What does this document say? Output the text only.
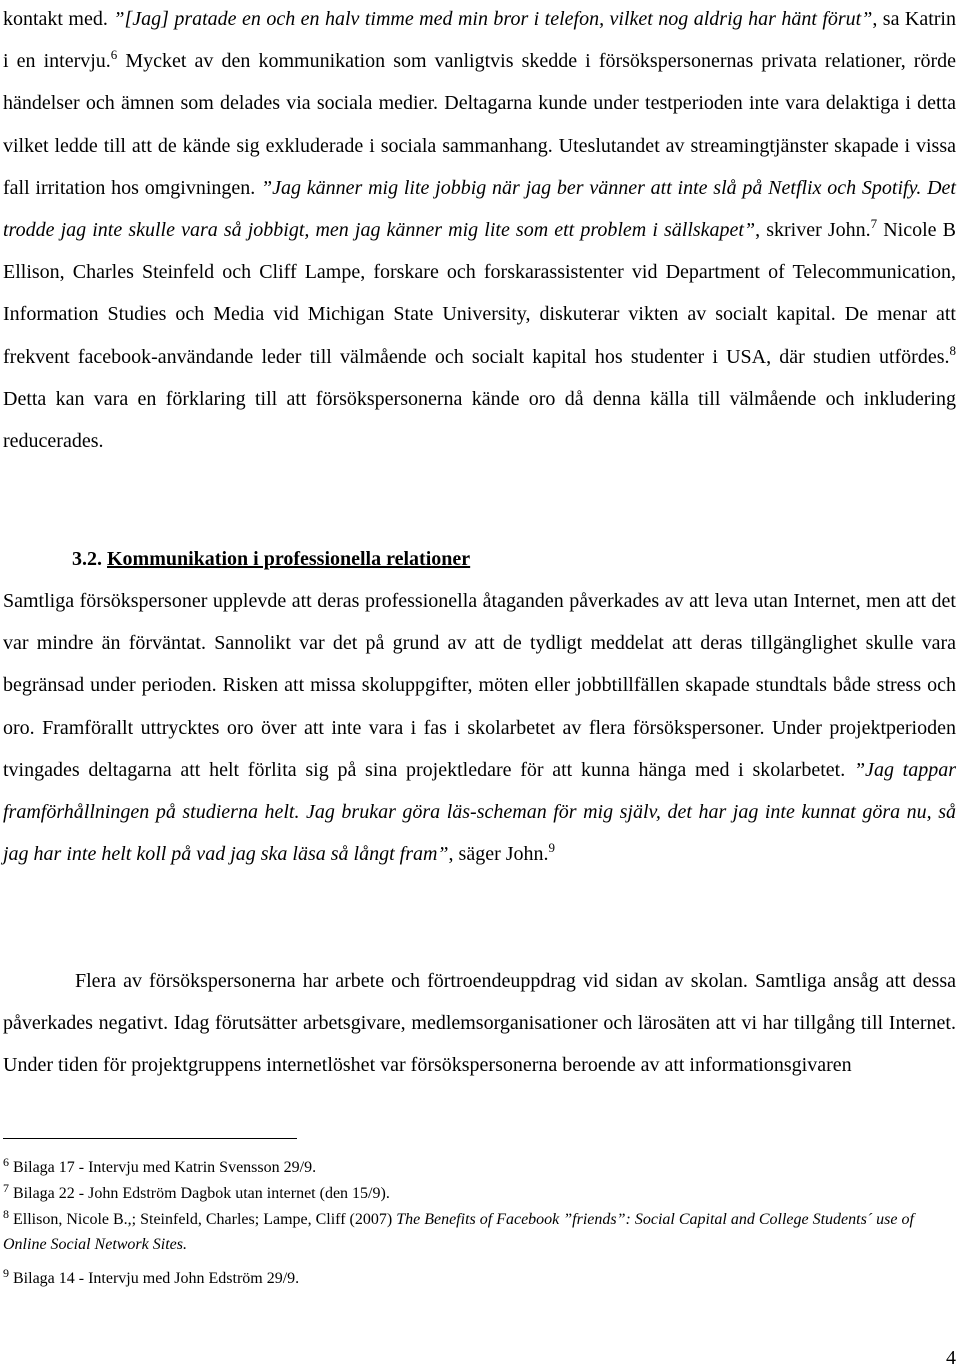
kontakt med. ”[Jag] pratade en och en halv timme med min bror i telefon, vilket nog aldrig har hänt förut”, sa Katrin i en intervju.$^6$ Mycket av den kommunikation som vanligtvis skedde i försökspersonernas privata relationer, rörde händelser och ämnen som delades via sociala medier. Deltagarna kunde under testperioden inte vara delaktiga i detta vilket ledde till att de kände sig exkluderade i sociala sammanhang. Uteslutandet av streamingtjänster skapade i vissa fall irritation hos omgivningen. ”Jag känner mig lite jobbig när jag ber vänner att inte slå på Netflix och Spotify. Det trodde jag inte skulle vara så jobbigt, men jag känner mig lite som ett problem i sällskapet”, skriver John.$^7$ Nicole B Ellison, Charles Steinfeld och Cliff Lampe, forskare och forskarassistenter vid Department of Telecommunication, Information Studies och Media vid Michigan State University, diskuterar vikten av socialt kapital. De menar att frekvent facebook-användande leder till välmående och socialt kapital hos studenter i USA, där studien utfördes.$^8$ Detta kan vara en förklaring till att försökspersonerna kände oro då denna källa till välmående och inkludering reducerades.

3.2. Kommunikation i professionella relationer

Samtliga försökspersoner upplevde att deras professionella åtaganden påverkades av att leva utan Internet, men att det var mindre än förväntat. Sannolikt var det på grund av att de tydligt meddelat att deras tillgänglighet skulle vara begränsad under perioden. Risken att missa skoluppgifter, möten eller jobbtillfällen skapade stundtals både stress och oro. Framförallt uttrycktes oro över att inte vara i fas i skolarbetet av flera försökspersoner. Under projektperioden tvingades deltagarna att helt förlita sig på sina projektledare för att kunna hänga med i skolarbetet. ”Jag tappar framförhållningen på studierna helt. Jag brukar göra läs-scheman för mig själv, det har jag inte kunnat göra nu, så jag har inte helt koll på vad jag ska läsa så långt fram”, säger John.$^9$

Flera av försökspersonerna har arbete och förtroendeuppdrag vid sidan av skolan. Samtliga ansåg att dessa påverkades negativt. Idag förutsätter arbetsgivare, medlemsorganisationer och lärosäten att vi har tillgång till Internet. Under tiden för projektgruppens internetlöshet var försökspersonerna beroende av att informationsgivaren

$^6$ Bilaga 17 - Intervju med Katrin Svensson 29/9.
$^7$ Bilaga 22 - John Edström Dagbok utan internet (den 15/9).
$^8$ Ellison, Nicole B.,; Steinfeld, Charles; Lampe, Cliff (2007) The Benefits of Facebook ”friends”: Social Capital and College Students´ use of Online Social Network Sites.
$^9$ Bilaga 14 - Intervju med John Edström 29/9.
4
